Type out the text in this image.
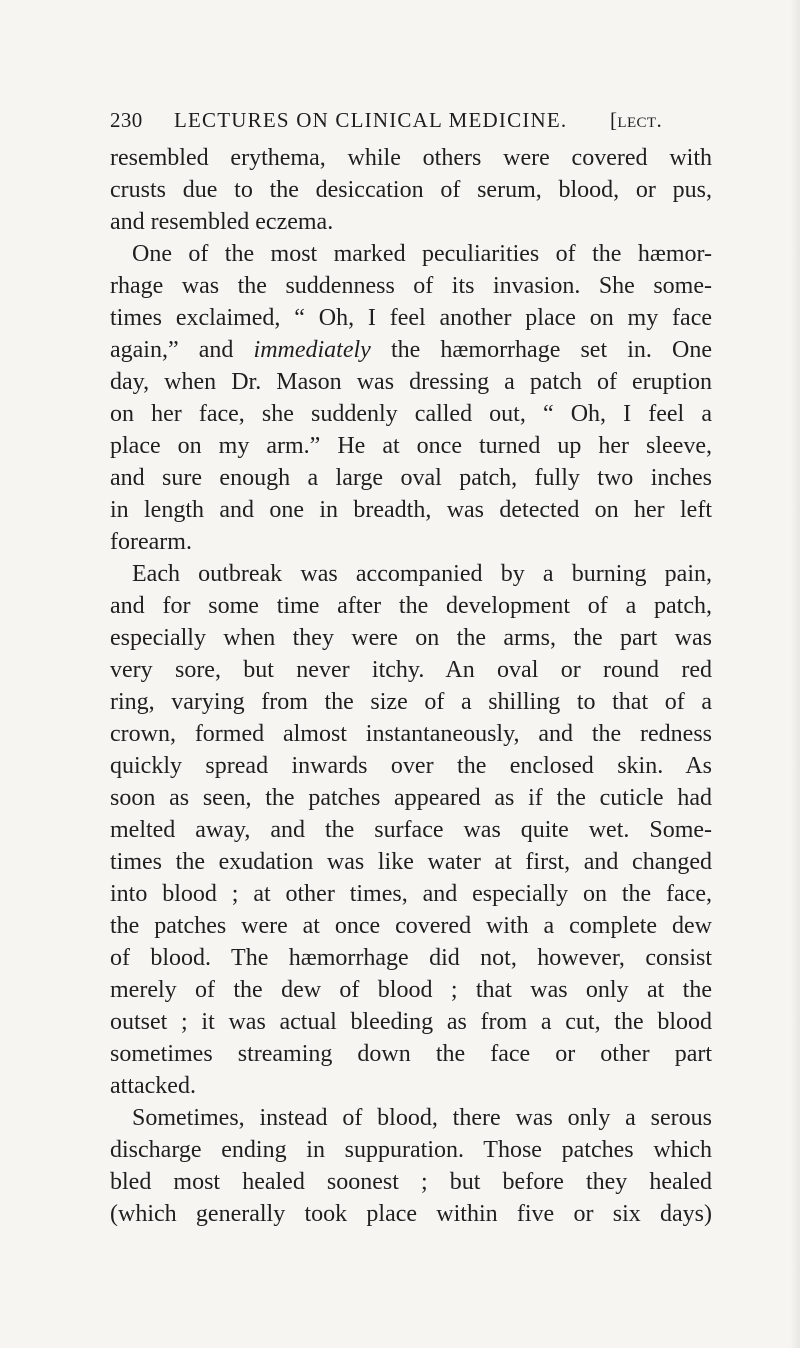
230 LECTURES ON CLINICAL MEDICINE. [lect.
resembled erythema, while others were covered with
crusts due to the desiccation of serum, blood, or pus,
and resembled eczema.
One of the most marked peculiarities of the hæmor-
rhage was the suddenness of its invasion. She some-
times exclaimed, “ Oh, I feel another place on my face
again,” and immediately the hæmorrhage set in. One
day, when Dr. Mason was dressing a patch of eruption
on her face, she suddenly called out, “ Oh, I feel a
place on my arm.” He at once turned up her sleeve,
and sure enough a large oval patch, fully two inches
in length and one in breadth, was detected on her left
forearm.
Each outbreak was accompanied by a burning pain,
and for some time after the development of a patch,
especially when they were on the arms, the part was
very sore, but never itchy. An oval or round red
ring, varying from the size of a shilling to that of a
crown, formed almost instantaneously, and the redness
quickly spread inwards over the enclosed skin. As
soon as seen, the patches appeared as if the cuticle had
melted away, and the surface was quite wet. Some-
times the exudation was like water at first, and changed
into blood ; at other times, and especially on the face,
the patches were at once covered with a complete dew
of blood. The hæmorrhage did not, however, consist
merely of the dew of blood ; that was only at the
outset ; it was actual bleeding as from a cut, the blood
sometimes streaming down the face or other part
attacked.
Sometimes, instead of blood, there was only a serous
discharge ending in suppuration. Those patches which
bled most healed soonest ; but before they healed
(which generally took place within five or six days)
